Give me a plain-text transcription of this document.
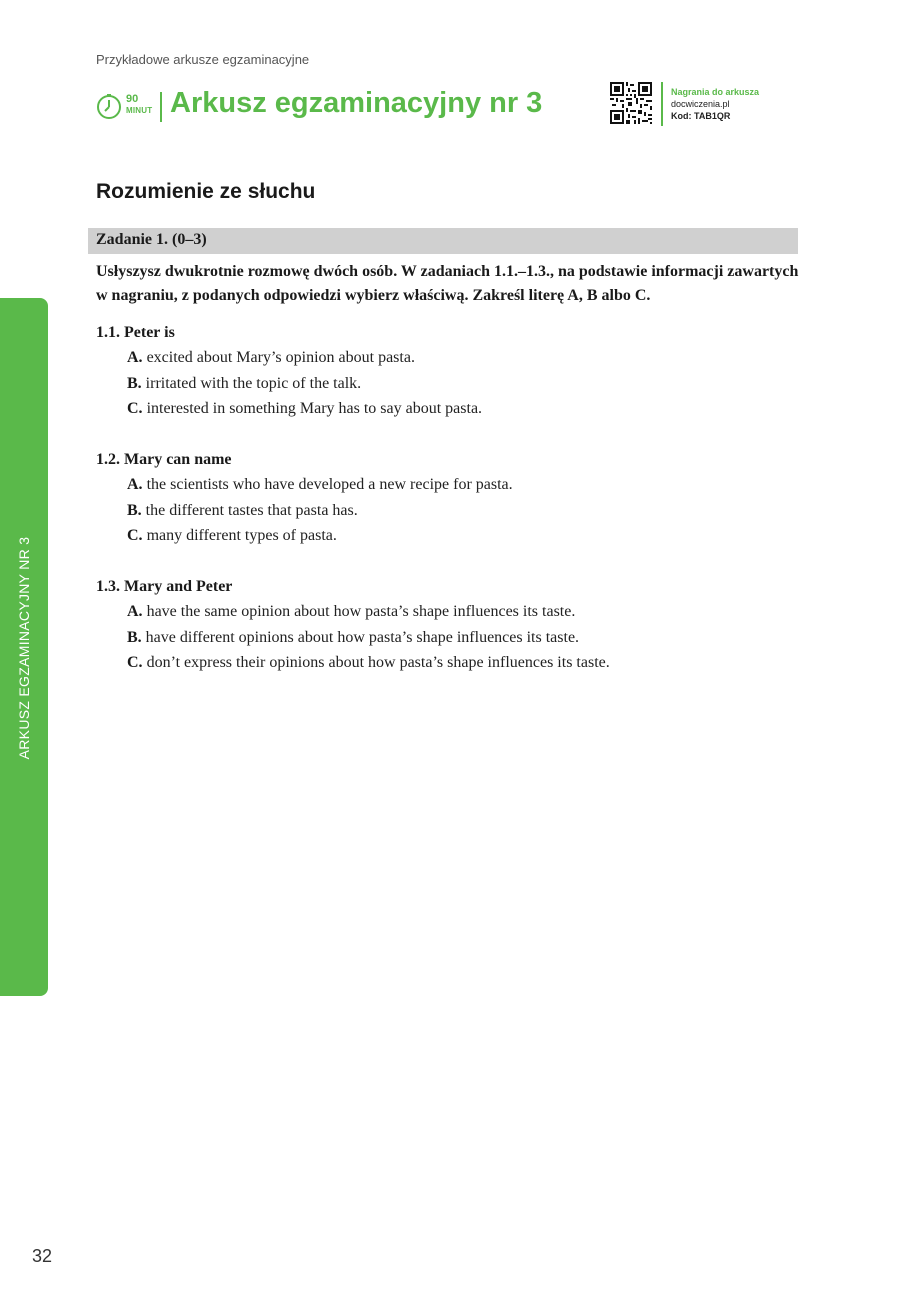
Przykładowe arkusze egzaminacyjne
90
MINUT Arkusz egzaminacyjny nr 3	Nagrania do arkusza
docwiczenia.pl
Kod: TAB1QR
Rozumienie ze słuchu
Zadanie 1. (0–3)
Usłyszysz dwukrotnie rozmowę dwóch osób. W zadaniach 1.1.–1.3., na podstawie informacji zawartych w nagraniu, z podanych odpowiedzi wybierz właściwą. Zakreśl literę A, B albo C.
1.1. Peter is
A. excited about Mary’s opinion about pasta.
B. irritated with the topic of the talk.
C. interested in something Mary has to say about pasta.
1.2. Mary can name
A. the scientists who have developed a new recipe for pasta.
B. the different tastes that pasta has.
C. many different types of pasta.
1.3. Mary and Peter
A. have the same opinion about how pasta’s shape influences its taste.
B. have different opinions about how pasta’s shape influences its taste.
C. don’t express their opinions about how pasta’s shape influences its taste.
ARKUSZ EGZAMINACYJNY NR 3
32
